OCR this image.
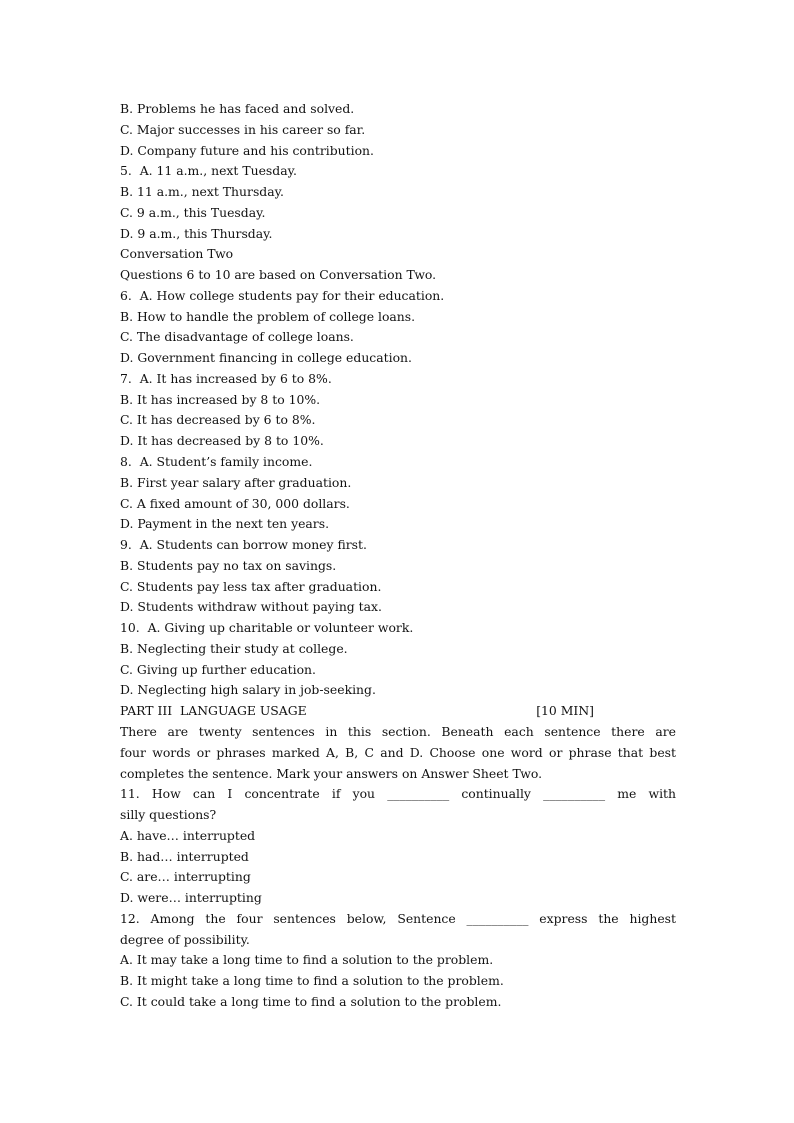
B. Problems he has faced and solved.
C. Major successes in his career so far.
D. Company future and his contribution.
5.  A. 11 a.m., next Tuesday.
B. 11 a.m., next Thursday.
C. 9 a.m., this Tuesday.
D. 9 a.m., this Thursday.
Conversation Two
Questions 6 to 10 are based on Conversation Two.
6.  A. How college students pay for their education.
B. How to handle the problem of college loans.
C. The disadvantage of college loans.
D. Government financing in college education.
7.  A. It has increased by 6 to 8%.
B. It has increased by 8 to 10%.
C. It has decreased by 6 to 8%.
D. It has decreased by 8 to 10%.
8.  A. Student’s family income.
B. First year salary after graduation.
C. A fixed amount of 30, 000 dollars.
D. Payment in the next ten years.
9.  A. Students can borrow money first.
B. Students pay no tax on savings.
C. Students pay less tax after graduation.
D. Students withdraw without paying tax.
10.  A. Giving up charitable or volunteer work.
B. Neglecting their study at college.
C. Giving up further education.
D. Neglecting high salary in job-seeking.
PART III  LANGUAGE USAGE	[10 MIN]
There are twenty sentences in this section. Beneath each sentence there are
four words or phrases marked A, B, C and D. Choose one word or phrase that best
completes the sentence. Mark your answers on Answer Sheet Two.
11. How can I concentrate if you __________ continually __________ me with
silly questions?
A. have… interrupted
B. had… interrupted
C. are… interrupting
D. were… interrupting
12. Among the four sentences below, Sentence __________ express the highest
degree of possibility.
A. It may take a long time to find a solution to the problem.
B. It might take a long time to find a solution to the problem.
C. It could take a long time to find a solution to the problem.
